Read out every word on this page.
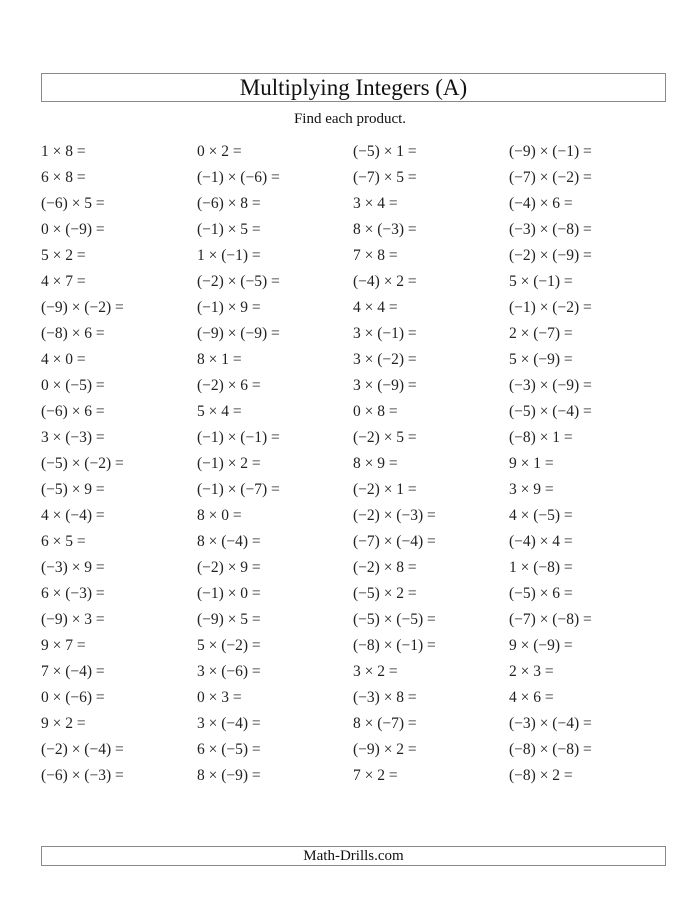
Multiplying Integers (A)
Find each product.
1 × 8 =	0 × 2 =	(−5) × 1 =	(−9) × (−1) =
6 × 8 =	(−1) × (−6) =	(−7) × 5 =	(−7) × (−2) =
(−6) × 5 =	(−6) × 8 =	3 × 4 =	(−4) × 6 =
0 × (−9) =	(−1) × 5 =	8 × (−3) =	(−3) × (−8) =
5 × 2 =	1 × (−1) =	7 × 8 =	(−2) × (−9) =
4 × 7 =	(−2) × (−5) =	(−4) × 2 =	5 × (−1) =
(−9) × (−2) =	(−1) × 9 =	4 × 4 =	(−1) × (−2) =
(−8) × 6 =	(−9) × (−9) =	3 × (−1) =	2 × (−7) =
4 × 0 =	8 × 1 =	3 × (−2) =	5 × (−9) =
0 × (−5) =	(−2) × 6 =	3 × (−9) =	(−3) × (−9) =
(−6) × 6 =	5 × 4 =	0 × 8 =	(−5) × (−4) =
3 × (−3) =	(−1) × (−1) =	(−2) × 5 =	(−8) × 1 =
(−5) × (−2) =	(−1) × 2 =	8 × 9 =	9 × 1 =
(−5) × 9 =	(−1) × (−7) =	(−2) × 1 =	3 × 9 =
4 × (−4) =	8 × 0 =	(−2) × (−3) =	4 × (−5) =
6 × 5 =	8 × (−4) =	(−7) × (−4) =	(−4) × 4 =
(−3) × 9 =	(−2) × 9 =	(−2) × 8 =	1 × (−8) =
6 × (−3) =	(−1) × 0 =	(−5) × 2 =	(−5) × 6 =
(−9) × 3 =	(−9) × 5 =	(−5) × (−5) =	(−7) × (−8) =
9 × 7 =	5 × (−2) =	(−8) × (−1) =	9 × (−9) =
7 × (−4) =	3 × (−6) =	3 × 2 =	2 × 3 =
0 × (−6) =	0 × 3 =	(−3) × 8 =	4 × 6 =
9 × 2 =	3 × (−4) =	8 × (−7) =	(−3) × (−4) =
(−2) × (−4) =	6 × (−5) =	(−9) × 2 =	(−8) × (−8) =
(−6) × (−3) =	8 × (−9) =	7 × 2 =	(−8) × 2 =
Math-Drills.com
